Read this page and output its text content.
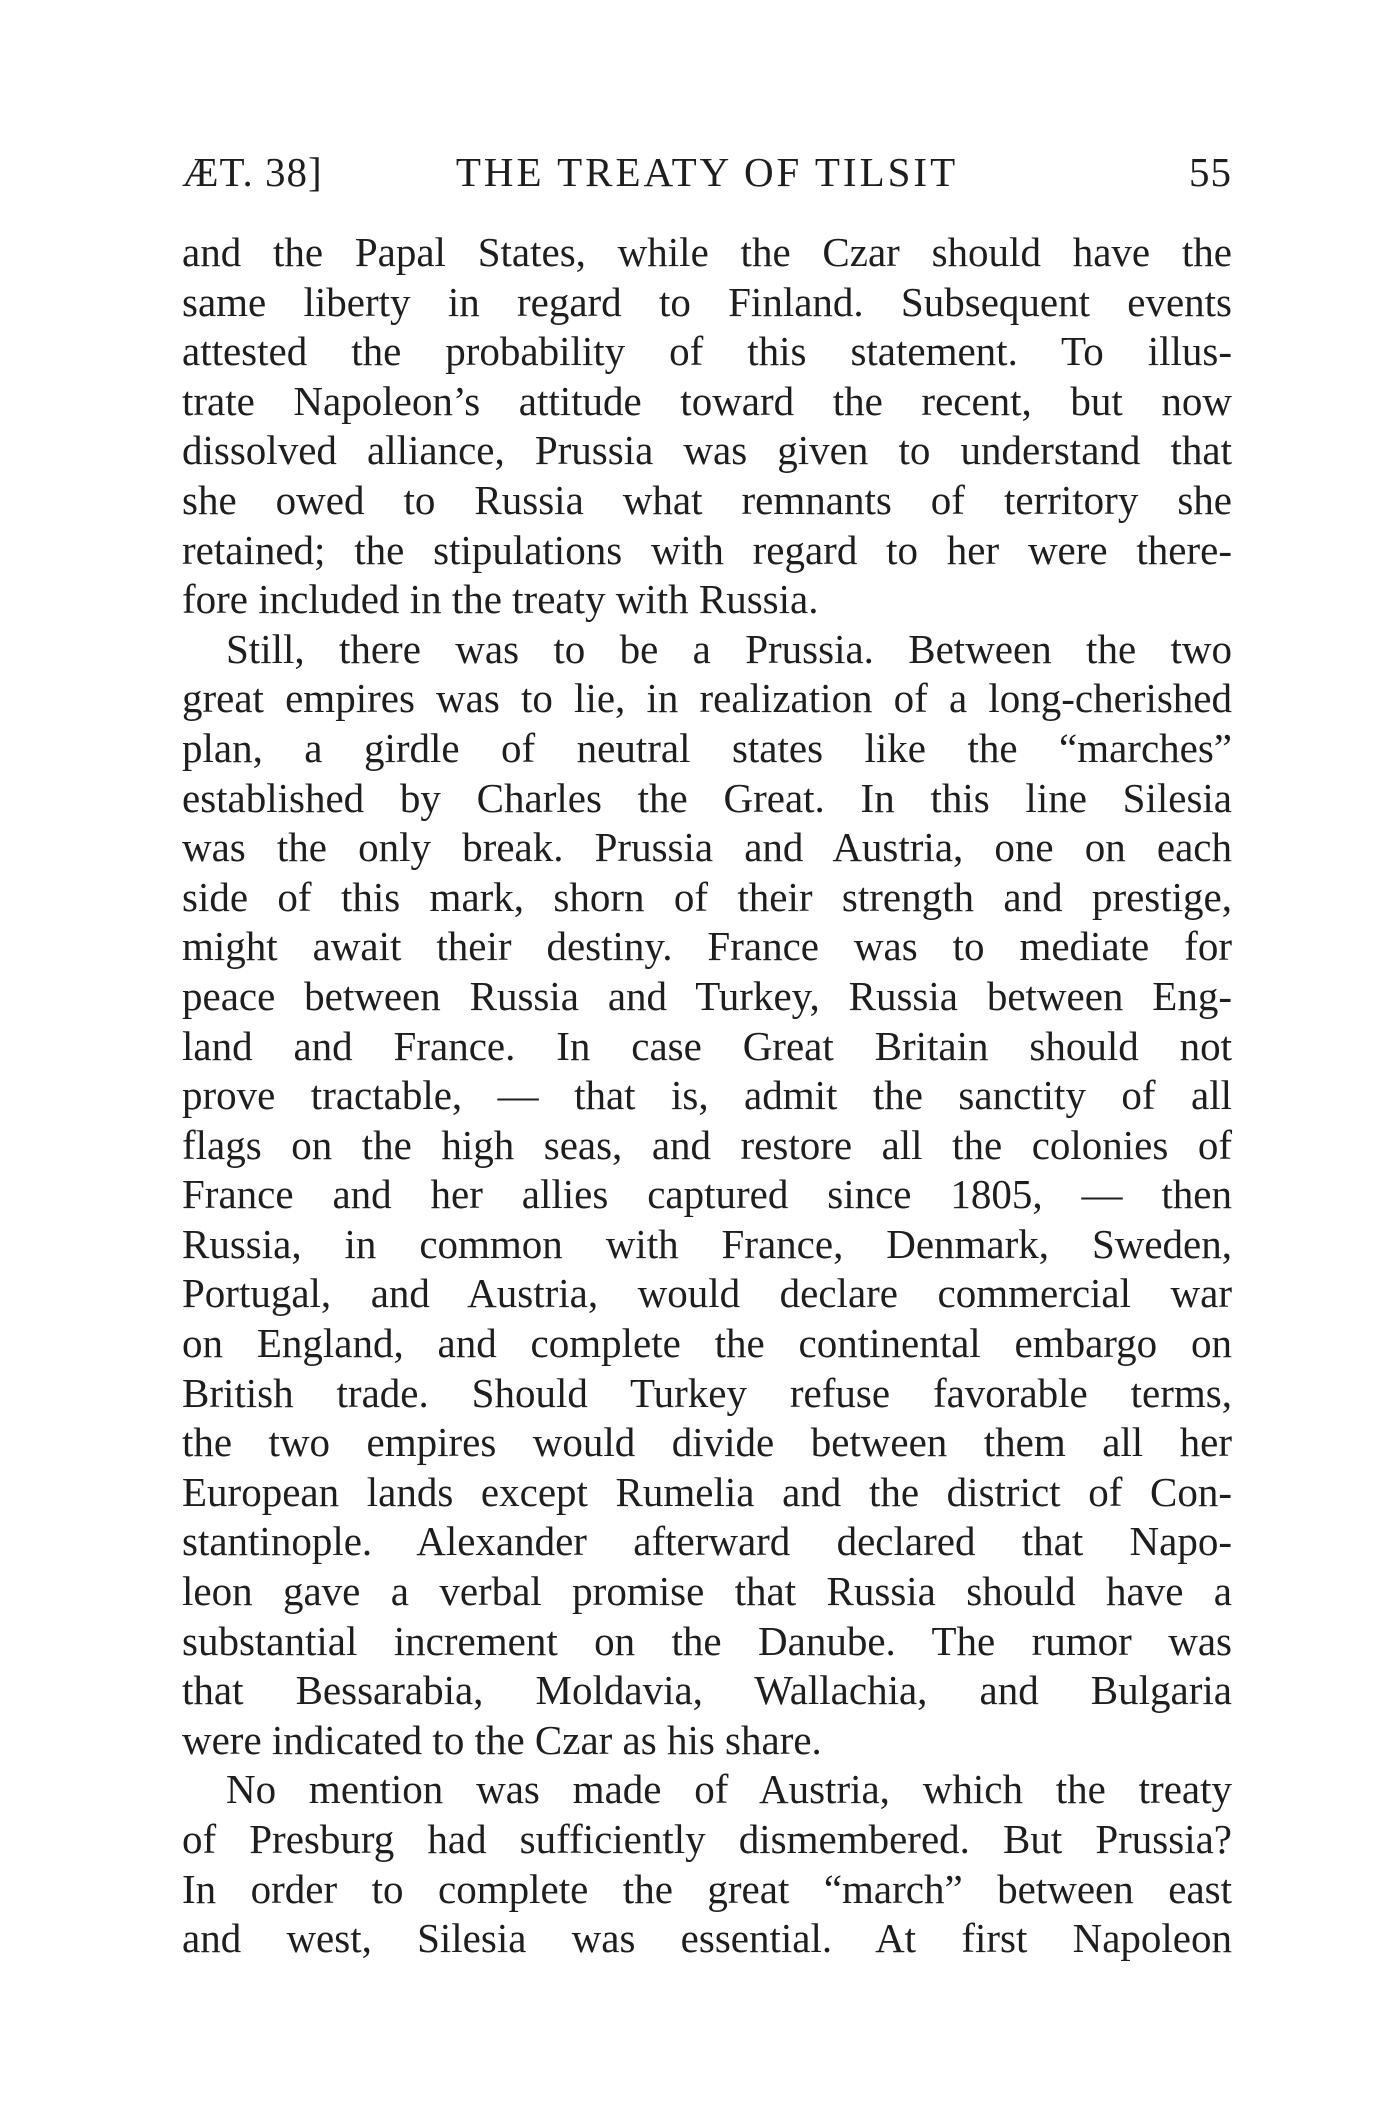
ÆT. 38]	THE TREATY OF TILSIT	55
and the Papal States, while the Czar should have the
same liberty in regard to Finland. Subsequent events
attested the probability of this statement. To illus-
trate Napoleon’s attitude toward the recent, but now
dissolved alliance, Prussia was given to understand that
she owed to Russia what remnants of territory she
retained; the stipulations with regard to her were there-
fore included in the treaty with Russia.
Still, there was to be a Prussia. Between the two
great empires was to lie, in realization of a long-cherished
plan, a girdle of neutral states like the “marches”
established by Charles the Great. In this line Silesia
was the only break. Prussia and Austria, one on each
side of this mark, shorn of their strength and prestige,
might await their destiny. France was to mediate for
peace between Russia and Turkey, Russia between Eng-
land and France. In case Great Britain should not
prove tractable, — that is, admit the sanctity of all
flags on the high seas, and restore all the colonies of
France and her allies captured since 1805, — then
Russia, in common with France, Denmark, Sweden,
Portugal, and Austria, would declare commercial war
on England, and complete the continental embargo on
British trade. Should Turkey refuse favorable terms,
the two empires would divide between them all her
European lands except Rumelia and the district of Con-
stantinople. Alexander afterward declared that Napo-
leon gave a verbal promise that Russia should have a
substantial increment on the Danube. The rumor was
that Bessarabia, Moldavia, Wallachia, and Bulgaria
were indicated to the Czar as his share.
No mention was made of Austria, which the treaty
of Presburg had sufficiently dismembered. But Prussia?
In order to complete the great “march” between east
and west, Silesia was essential. At first Napoleon
